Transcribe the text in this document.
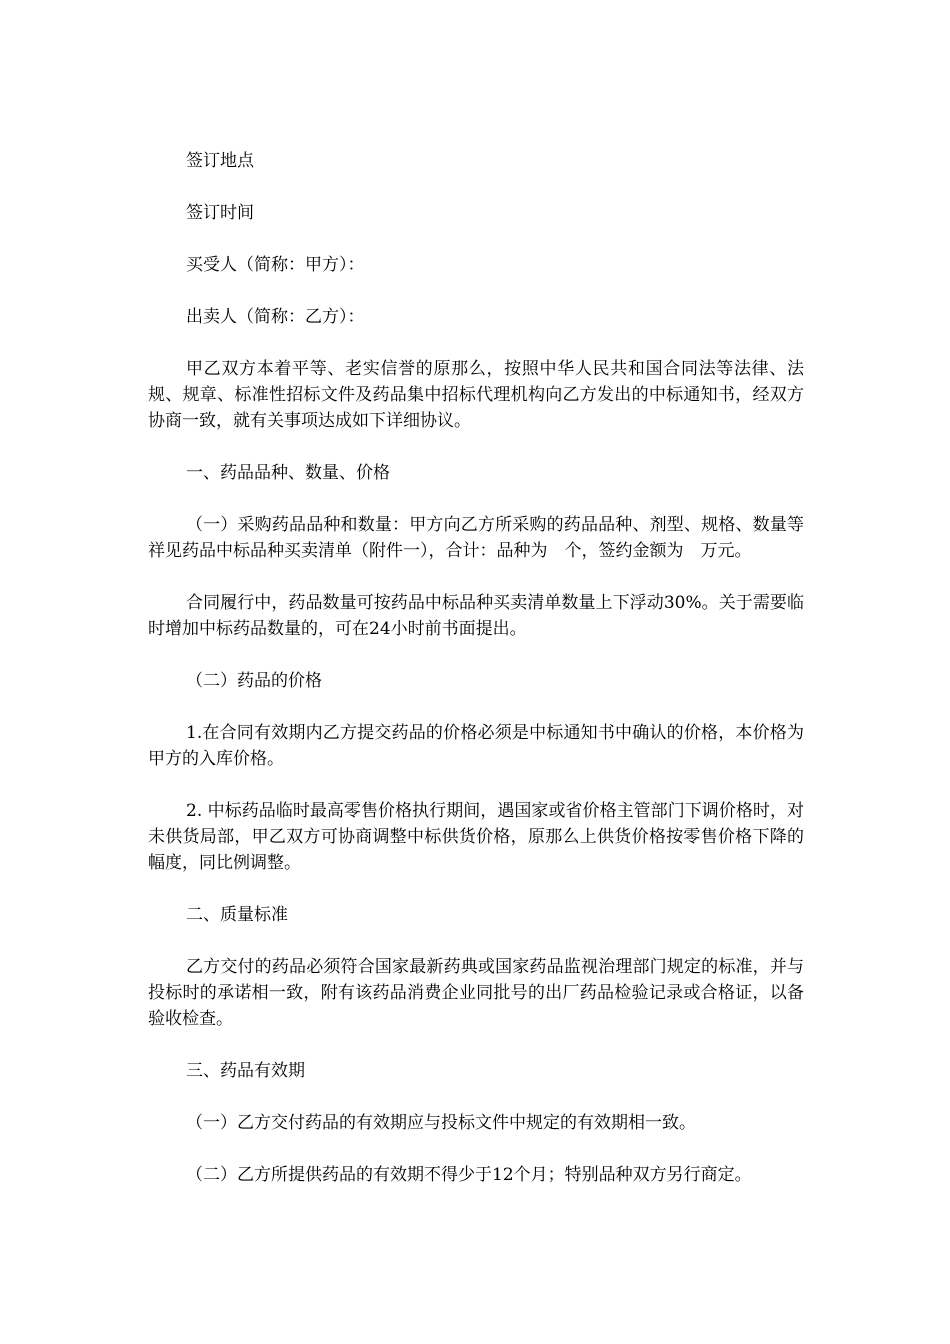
签订地点

签订时间

买受人（简称：甲方）：

出卖人（简称：乙方）：

甲乙双方本着平等、老实信誉的原那么，按照中华人民共和国合同法等法律、法规、规章、标准性招标文件及药品集中招标代理机构向乙方发出的中标通知书，经双方协商一致，就有关事项达成如下详细协议。

一、药品品种、数量、价格

（一）采购药品品种和数量：甲方向乙方所采购的药品品种、剂型、规格、数量等祥见药品中标品种买卖清单（附件一），合计：品种为　个，签约金额为　万元。

合同履行中，药品数量可按药品中标品种买卖清单数量上下浮动30%。关于需要临时增加中标药品数量的，可在24小时前书面提出。

（二）药品的价格

1.在合同有效期内乙方提交药品的价格必须是中标通知书中确认的价格，本价格为甲方的入库价格。

2. 中标药品临时最高零售价格执行期间，遇国家或省价格主管部门下调价格时，对未供货局部，甲乙双方可协商调整中标供货价格，原那么上供货价格按零售价格下降的幅度，同比例调整。

二、质量标准

乙方交付的药品必须符合国家最新药典或国家药品监视治理部门规定的标准，并与投标时的承诺相一致，附有该药品消费企业同批号的出厂药品检验记录或合格证，以备验收检查。

三、药品有效期

（一）乙方交付药品的有效期应与投标文件中规定的有效期相一致。

（二）乙方所提供药品的有效期不得少于12个月；特别品种双方另行商定。
